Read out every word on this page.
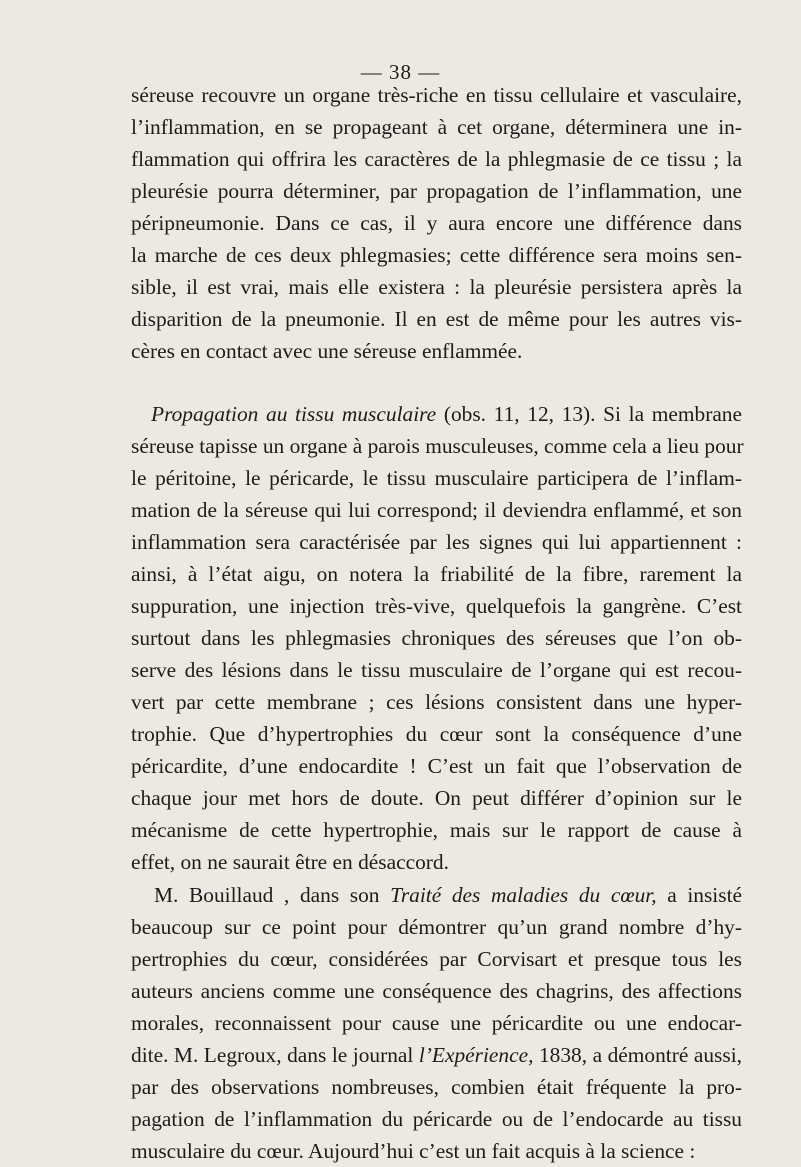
— 38 —
séreuse recouvre un organe très-riche en tissu cellulaire et vasculaire,
l’inflammation, en se propageant à cet organe, déterminera une in-
flammation qui offrira les caractères de la phlegmasie de ce tissu ; la
pleurésie pourra déterminer, par propagation de l’inflammation, une
péripneumonie. Dans ce cas, il y aura encore une différence dans
la marche de ces deux phlegmasies; cette différence sera moins sen-
sible, il est vrai, mais elle existera : la pleurésie persistera après la
disparition de la pneumonie. Il en est de même pour les autres vis-
cères en contact avec une séreuse enflammée.
Propagation au tissu musculaire (obs. 11, 12, 13). Si la membrane
séreuse tapisse un organe à parois musculeuses, comme cela a lieu pour
le péritoine, le péricarde, le tissu musculaire participera de l’inflam-
mation de la séreuse qui lui correspond; il deviendra enflammé, et son
inflammation sera caractérisée par les signes qui lui appartiennent :
ainsi, à l’état aigu, on notera la friabilité de la fibre, rarement la
suppuration, une injection très-vive, quelquefois la gangrène. C’est
surtout dans les phlegmasies chroniques des séreuses que l’on ob-
serve des lésions dans le tissu musculaire de l’organe qui est recou-
vert par cette membrane ; ces lésions consistent dans une hyper-
trophie. Que d’hypertrophies du cœur sont la conséquence d’une
péricardite, d’une endocardite ! C’est un fait que l’observation de
chaque jour met hors de doute. On peut différer d’opinion sur le
mécanisme de cette hypertrophie, mais sur le rapport de cause à
effet, on ne saurait être en désaccord.
M. Bouillaud , dans son Traité des maladies du cœur, a insisté
beaucoup sur ce point pour démontrer qu’un grand nombre d’hy-
pertrophies du cœur, considérées par Corvisart et presque tous les
auteurs anciens comme une conséquence des chagrins, des affections
morales, reconnaissent pour cause une péricardite ou une endocar-
dite. M. Legroux, dans le journal l’Expérience, 1838, a démontré aussi,
par des observations nombreuses, combien était fréquente la pro-
pagation de l’inflammation du péricarde ou de l’endocarde au tissu
musculaire du cœur. Aujourd’hui c’est un fait acquis à la science :
